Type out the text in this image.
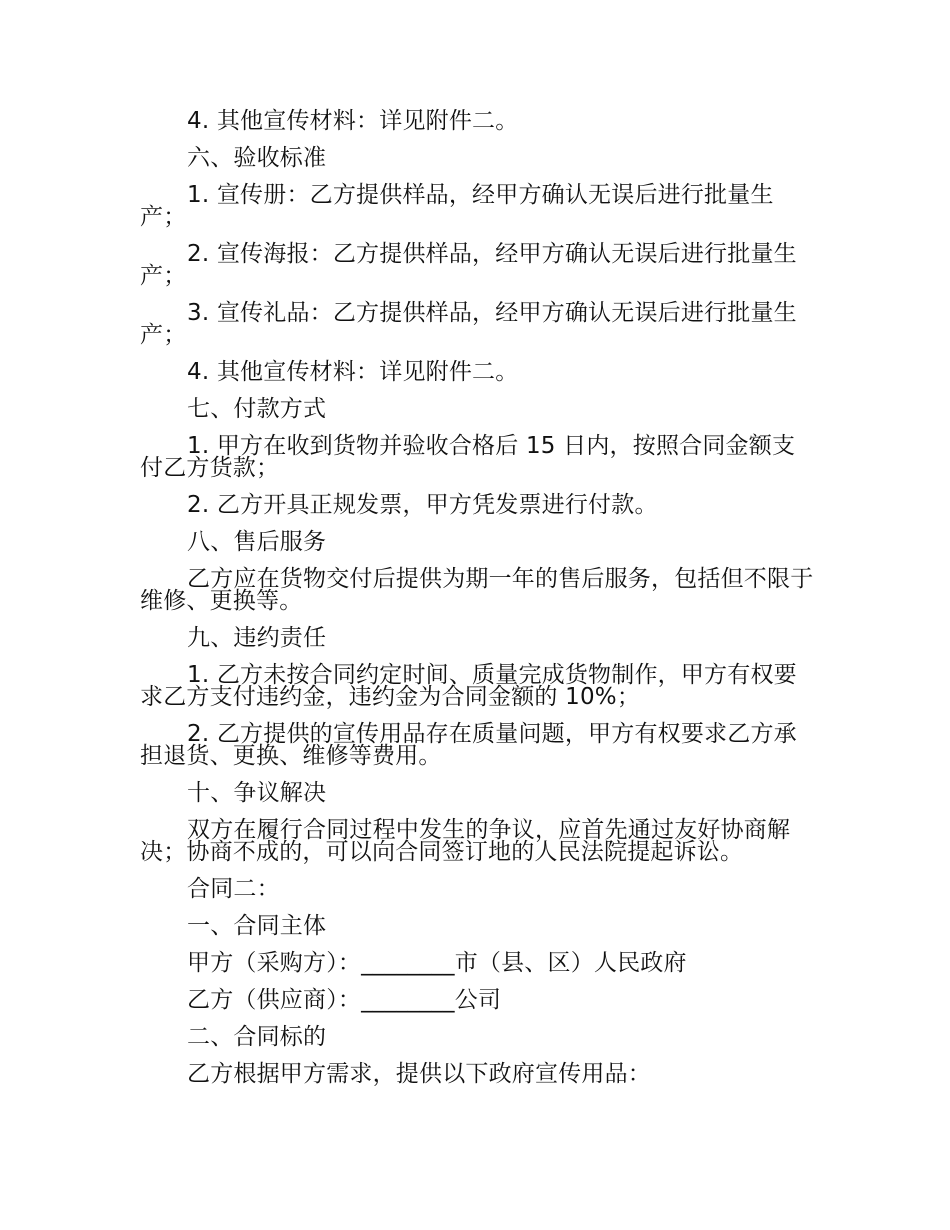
4. 其他宣传材料：详见附件二。
六、验收标准
1. 宣传册：乙方提供样品，经甲方确认无误后进行批量生产；
2. 宣传海报：乙方提供样品，经甲方确认无误后进行批量生产；
3. 宣传礼品：乙方提供样品，经甲方确认无误后进行批量生产；
4. 其他宣传材料：详见附件二。
七、付款方式
1. 甲方在收到货物并验收合格后 15 日内，按照合同金额支付乙方货款；
2. 乙方开具正规发票，甲方凭发票进行付款。
八、售后服务
乙方应在货物交付后提供为期一年的售后服务，包括但不限于维修、更换等。
九、违约责任
1. 乙方未按合同约定时间、质量完成货物制作，甲方有权要求乙方支付违约金，违约金为合同金额的 10%；
2. 乙方提供的宣传用品存在质量问题，甲方有权要求乙方承担退货、更换、维修等费用。
十、争议解决
双方在履行合同过程中发生的争议，应首先通过友好协商解决；协商不成的，可以向合同签订地的人民法院提起诉讼。
合同二：
一、合同主体
甲方（采购方）：________市（县、区）人民政府
乙方（供应商）：________公司
二、合同标的
乙方根据甲方需求，提供以下政府宣传用品：
